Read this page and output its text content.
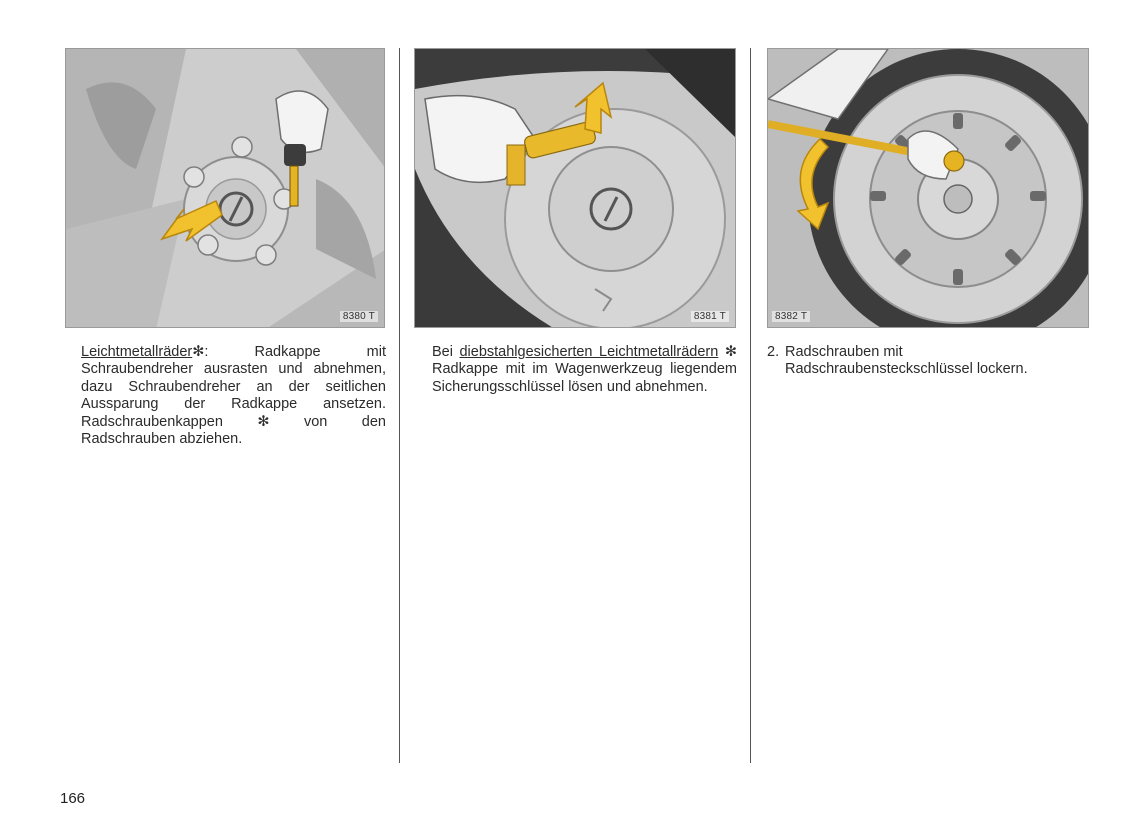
8380 T	8381 T	8382 T

Leichtmetallräder✻: Radkappe mit Schraubendreher ausrasten und abnehmen, dazu Schraubendreher an der seitlichen Aussparung der Radkappe ansetzen. Radschraubenkappen ✻ von den Radschrauben abziehen.

Bei diebstahlgesicherten Leichtmetallrädern ✻ Radkappe mit im Wagenwerkzeug liegendem Sicherungsschlüssel lösen und abnehmen.

2. Radschrauben mit Radschraubensteckschlüssel lockern.
166
